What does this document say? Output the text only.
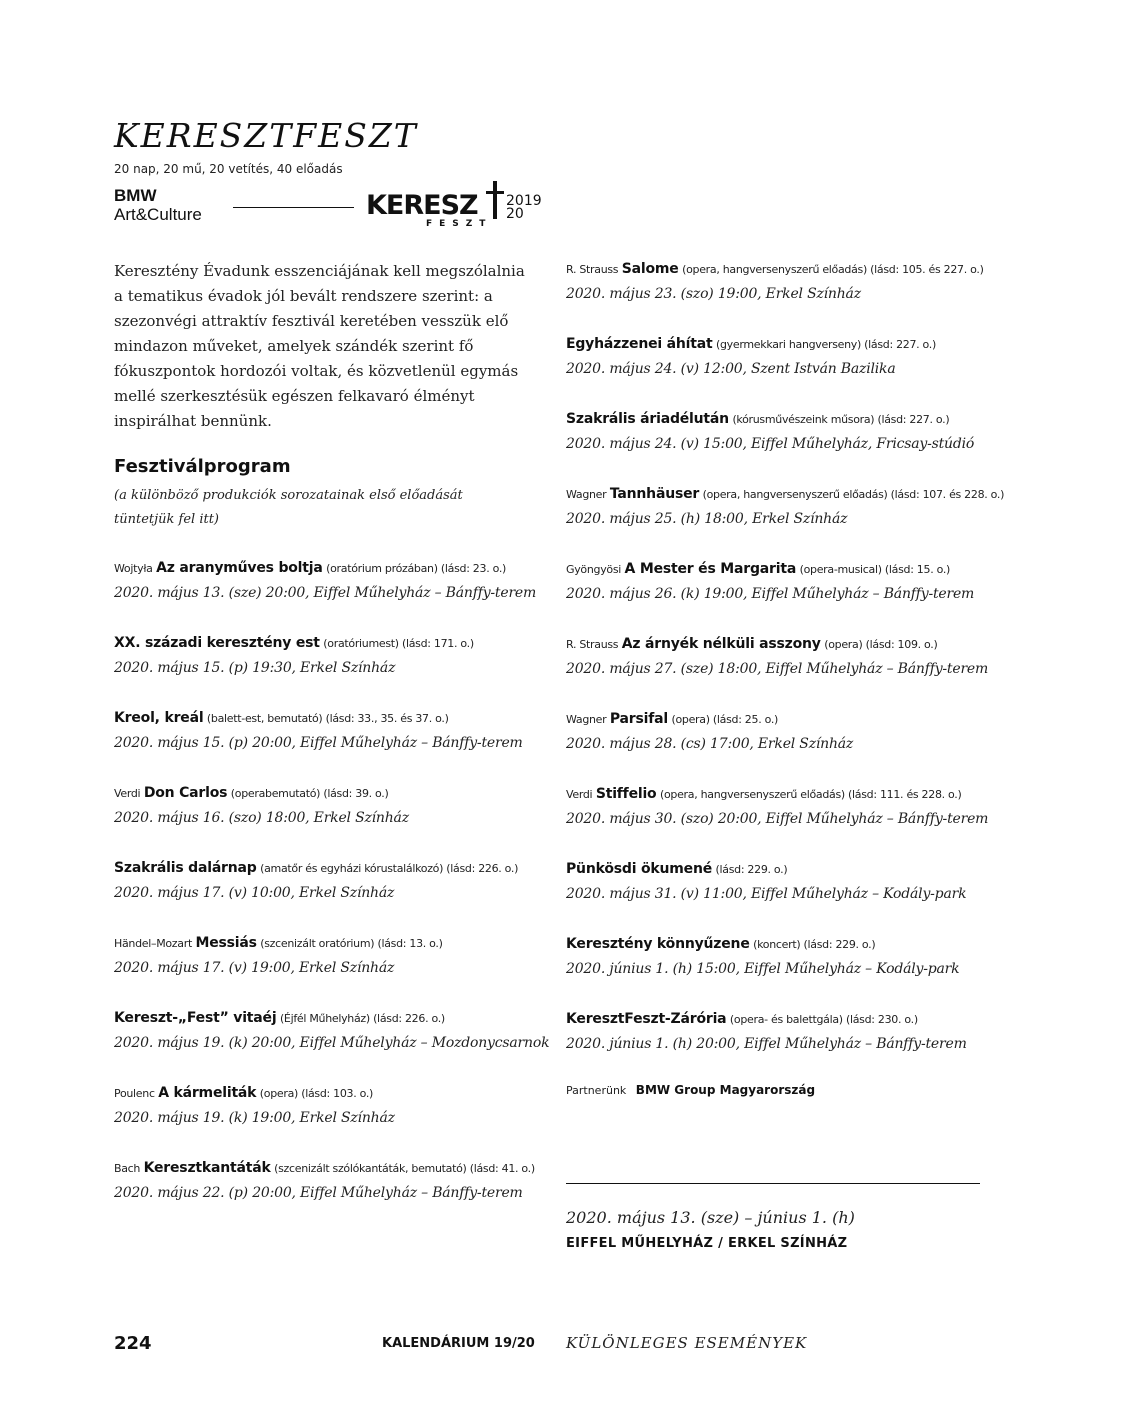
KERESZTFESZT
20 nap, 20 mű, 20 vetítés, 40 előadás
BMW
Art&Culture	KERESZ
FESZT
2019
20

Keresztény Évadunk esszenciájának kell megszólalnia a tematikus évadok jól bevált rendszere szerint: a szezonvégi attraktív fesztivál keretében vesszük elő mindazon műveket, amelyek szándék szerint fő fókuszpontok hordozói voltak, és közvetlenül egymás mellé szerkesztésük egészen felkavaró élményt inspirálhat bennünk.

Fesztiválprogram
(a különböző produkciók sorozatainak első előadását tüntetjük fel itt)
Wojtyła Az aranyműves boltja (oratórium prózában) (lásd: 23. o.)
2020. május 13. (sze) 20:00, Eiffel Műhelyház – Bánffy-terem
XX. századi keresztény est (oratóriumest) (lásd: 171. o.)
2020. május 15. (p) 19:30, Erkel Színház
Kreol, kreál (balett-est, bemutató) (lásd: 33., 35. és 37. o.)
2020. május 15. (p) 20:00, Eiffel Műhelyház – Bánffy-terem
Verdi Don Carlos (operabemutató) (lásd: 39. o.)
2020. május 16. (szo) 18:00, Erkel Színház
Szakrális dalárnap (amatőr és egyházi kórustalálkozó) (lásd: 226. o.)
2020. május 17. (v) 10:00, Erkel Színház
Händel–Mozart Messiás (szcenizált oratórium) (lásd: 13. o.)
2020. május 17. (v) 19:00, Erkel Színház
Kereszt-„Fest” vitaéj (Éjfél Műhelyház) (lásd: 226. o.)
2020. május 19. (k) 20:00, Eiffel Műhelyház – Mozdonycsarnok
Poulenc A kármeliták (opera) (lásd: 103. o.)
2020. május 19. (k) 19:00, Erkel Színház
Bach Keresztkantáták (szcenizált szólókantáták, bemutató) (lásd: 41. o.)
2020. május 22. (p) 20:00, Eiffel Műhelyház – Bánffy-terem
R. Strauss Salome (opera, hangversenyszerű előadás) (lásd: 105. és 227. o.)
2020. május 23. (szo) 19:00, Erkel Színház
Egyházzenei áhítat (gyermekkari hangverseny) (lásd: 227. o.)
2020. május 24. (v) 12:00, Szent István Bazilika
Szakrális áriadélután (kórusművészeink műsora) (lásd: 227. o.)
2020. május 24. (v) 15:00, Eiffel Műhelyház, Fricsay-stúdió
Wagner Tannhäuser (opera, hangversenyszerű előadás) (lásd: 107. és 228. o.)
2020. május 25. (h) 18:00, Erkel Színház
Gyöngyösi A Mester és Margarita (opera-musical) (lásd: 15. o.)
2020. május 26. (k) 19:00, Eiffel Műhelyház – Bánffy-terem
R. Strauss Az árnyék nélküli asszony (opera) (lásd: 109. o.)
2020. május 27. (sze) 18:00, Eiffel Műhelyház – Bánffy-terem
Wagner Parsifal (opera) (lásd: 25. o.)
2020. május 28. (cs) 17:00, Erkel Színház
Verdi Stiffelio (opera, hangversenyszerű előadás) (lásd: 111. és 228. o.)
2020. május 30. (szo) 20:00, Eiffel Műhelyház – Bánffy-terem
Pünkösdi ökumené (lásd: 229. o.)
2020. május 31. (v) 11:00, Eiffel Műhelyház – Kodály-park
Keresztény könnyűzene (koncert) (lásd: 229. o.)
2020. június 1. (h) 15:00, Eiffel Műhelyház – Kodály-park
KeresztFeszt-Zárória (opera- és balettgála) (lásd: 230. o.)
2020. június 1. (h) 20:00, Eiffel Műhelyház – Bánffy-terem
Partnerünk BMW Group Magyarország
2020. május 13. (sze) – június 1. (h)
EIFFEL MŰHELYHÁZ / ERKEL SZÍNHÁZ
224	KALENDÁRIUM 19/20 KÜLÖNLEGES ESEMÉNYEK
